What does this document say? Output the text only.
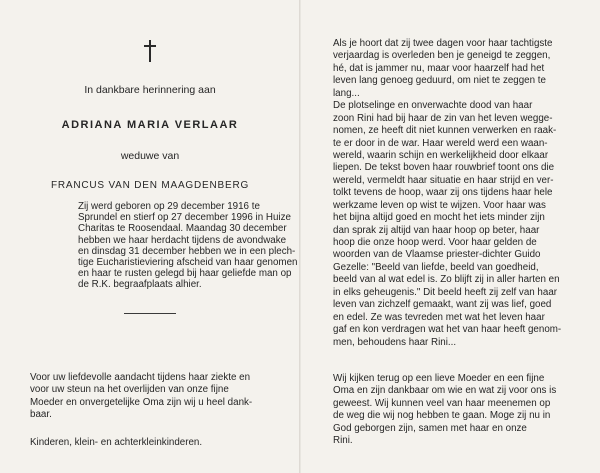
In dankbare herinnering aan
ADRIANA MARIA VERLAAR
weduwe van
FRANCUS VAN DEN MAAGDENBERG
Zij werd geboren op 29 december 1916 te
Sprundel en stierf op 27 december 1996 in Huize
Charitas te Roosendaal. Maandag 30 december
hebben we haar herdacht tijdens de avondwake
en dinsdag 31 december hebben we in een plech-
tige Eucharistieviering afscheid van haar genomen
en haar te rusten gelegd bij haar geliefde man op
de R.K. begraafplaats alhier.
Voor uw liefdevolle aandacht tijdens haar ziekte en
voor uw steun na het overlijden van onze fijne
Moeder en onvergetelijke Oma zijn wij u heel dank-
baar.
Kinderen, klein- en achterkleinkinderen.
Als je hoort dat zij twee dagen voor haar tachtigste
verjaardag is overleden ben je geneigd te zeggen,
hé, dat is jammer nu, maar voor haarzelf had het
leven lang genoeg geduurd, om niet te zeggen te
lang...
De plotselinge en onverwachte dood van haar
zoon Rini had bij haar de zin van het leven wegge-
nomen, ze heeft dit niet kunnen verwerken en raak-
te er door in de war. Haar wereld werd een waan-
wereld, waarin schijn en werkelijkheid door elkaar
liepen. De tekst boven haar rouwbrief toont ons die
wereld, vermeldt haar situatie en haar strijd en ver-
tolkt tevens de hoop, waar zij ons tijdens haar hele
werkzame leven op wist te wijzen. Voor haar was
het bijna altijd goed en mocht het iets minder zijn
dan sprak zij altijd van haar hoop op beter, haar
hoop die onze hoop werd. Voor haar gelden de
woorden van de Vlaamse priester-dichter Guido
Gezelle: "Beeld van liefde, beeld van goedheid,
beeld van al wat edel is. Zo blijft zij in aller harten en
in elks geheugenis." Dit beeld heeft zij zelf van haar
leven van zichzelf gemaakt, want zij was lief, goed
en edel. Ze was tevreden met wat het leven haar
gaf en kon verdragen wat het van haar heeft genom-
men, behoudens haar Rini...
Wij kijken terug op een lieve Moeder en een fijne
Oma en zijn dankbaar om wie en wat zij voor ons is
geweest. Wij kunnen veel van haar meenemen op
de weg die wij nog hebben te gaan. Moge zij nu in
God geborgen zijn, samen met haar en onze
Rini.
